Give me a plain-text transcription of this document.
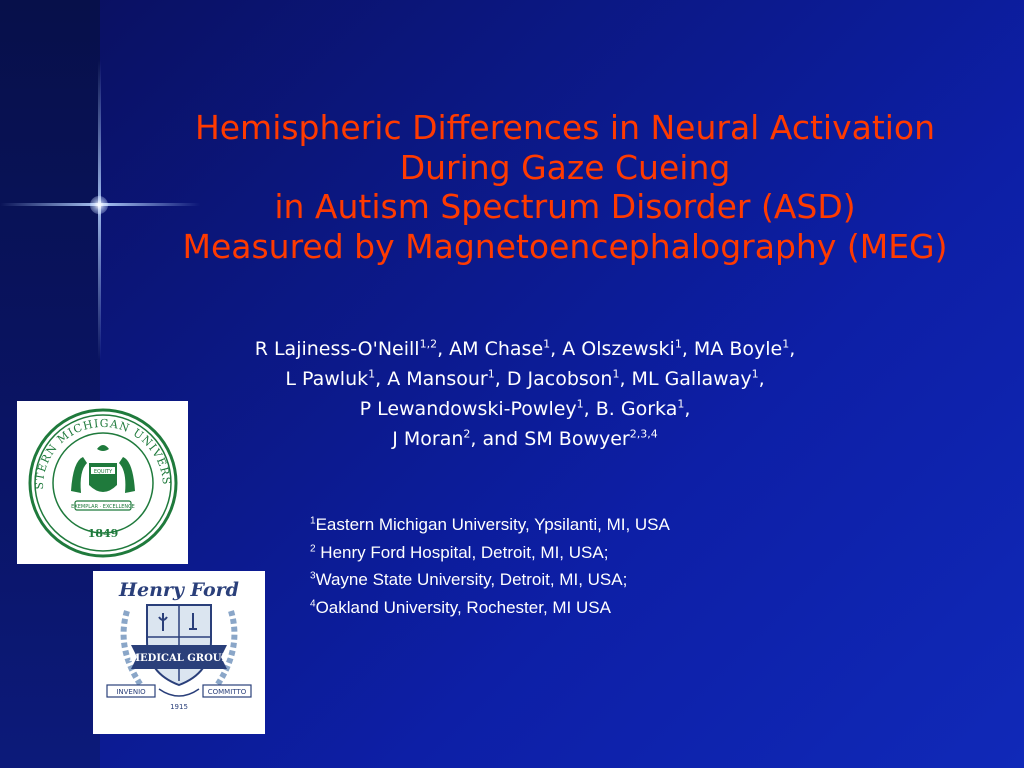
Hemispheric Differences in Neural Activation
During Gaze Cueing
in Autism Spectrum Disorder (ASD)
Measured by Magnetoencephalography (MEG)
R Lajiness-O'Neill$^{1,2}$, AM Chase$^1$, A Olszewski$^1$, MA Boyle$^1$,
L Pawluk$^1$, A Mansour$^1$, D Jacobson$^1$, ML Gallaway$^1$,
P Lewandowski-Powley$^1$, B. Gorka$^1$,
J Moran$^2$, and SM Bowyer$^{2,3,4}$
$^1$Eastern Michigan University, Ypsilanti, MI, USA
$^2$ Henry Ford Hospital, Detroit, MI, USA;
$^3$Wayne State University, Detroit, MI, USA;
$^4$Oakland University, Rochester, MI USA
STERN MICHIGAN UNIVERS
EQUITY
EXEMPLAR · EXCELLENCE
1849
Henry Ford
MEDICAL GROUP
INVENIO	COMMITTO
1915
